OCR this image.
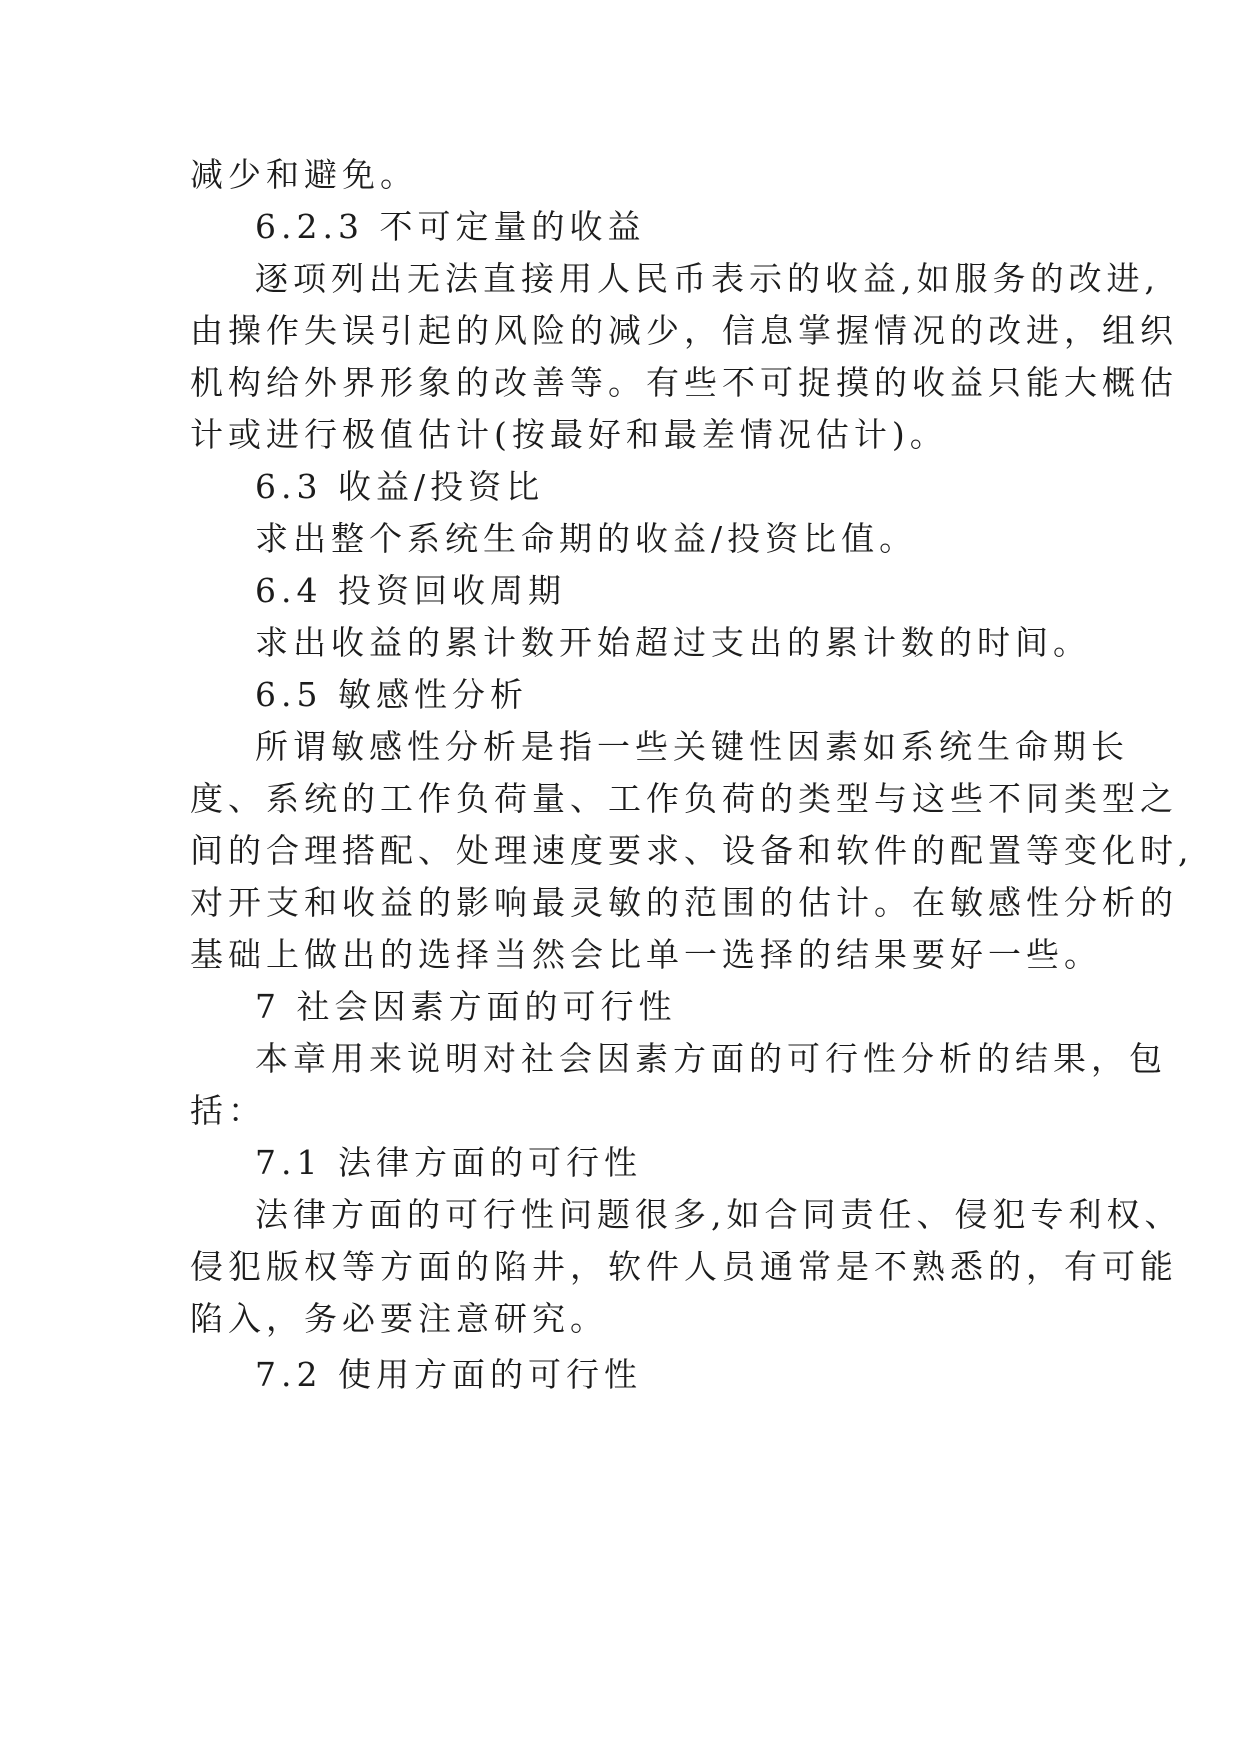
减少和避免。
6.2.3 不可定量的收益
逐项列出无法直接用人民币表示的收益,如服务的改进,
由操作失误引起的风险的减少，信息掌握情况的改进，组织
机构给外界形象的改善等。有些不可捉摸的收益只能大概估
计或进行极值估计(按最好和最差情况估计)。
6.3 收益/投资比
求出整个系统生命期的收益/投资比值。
6.4 投资回收周期
求出收益的累计数开始超过支出的累计数的时间。
6.5 敏感性分析
所谓敏感性分析是指一些关键性因素如系统生命期长
度、系统的工作负荷量、工作负荷的类型与这些不同类型之
间的合理搭配、处理速度要求、设备和软件的配置等变化时,
对开支和收益的影响最灵敏的范围的估计。在敏感性分析的
基础上做出的选择当然会比单一选择的结果要好一些。
7 社会因素方面的可行性
本章用来说明对社会因素方面的可行性分析的结果，包
括：
7.1 法律方面的可行性
法律方面的可行性问题很多,如合同责任、侵犯专利权、
侵犯版权等方面的陷井，软件人员通常是不熟悉的，有可能
陷入，务必要注意研究。
7.2 使用方面的可行性
